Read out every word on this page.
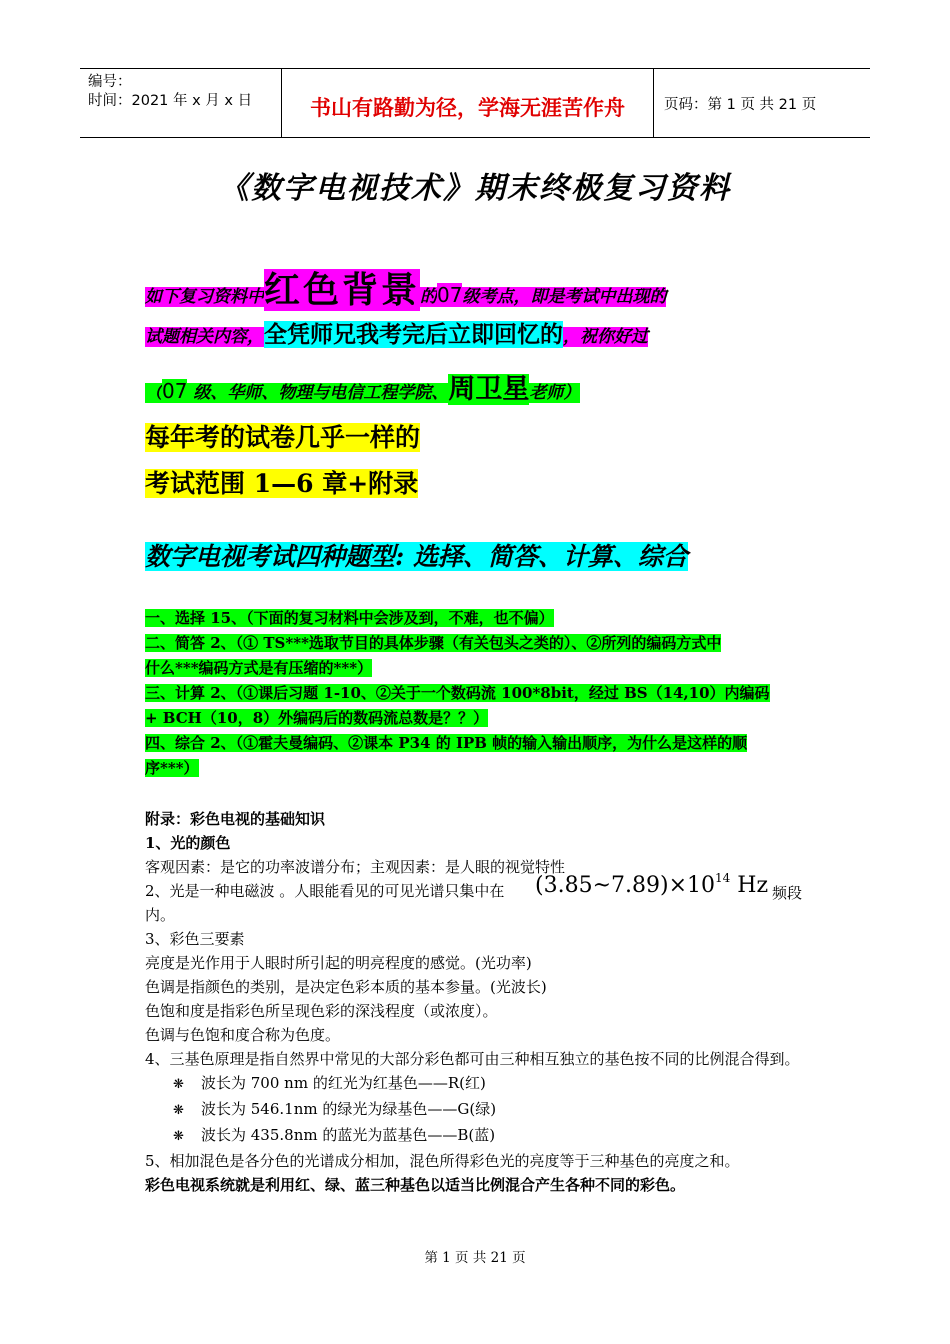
编号：
时间：2021 年 x 月 x 日	书山有路勤为径，学海无涯苦作舟	页码：第 1 页 共 21 页
《数字电视技术》期末终极复习资料
如下复习资料中红色背景的07级考点，即是考试中出现的
试题相关内容，全凭师兄我考完后立即回忆的，祝你好过
（07 级、华师、物理与电信工程学院、周卫星老师）
每年考的试卷几乎一样的
考试范围 1—6 章+附录
数字电视考试四种题型: 选择、简答、计算、综合
一、选择 15、（下面的复习材料中会涉及到，不难，也不偏）
二、简答 2、（① TS***选取节目的具体步骤（有关包头之类的）、②所列的编码方式中
什么***编码方式是有压缩的***）
三、计算 2、（①课后习题 1-10、②关于一个数码流 100*8bit，经过 BS（14,10）内编码
+ BCH（10，8）外编码后的数码流总数是？？）
四、综合 2、（①霍夫曼编码、②课本 P34 的 IPB 帧的输入输出顺序，为什么是这样的顺
序***）
附录：彩色电视的基础知识
1、光的颜色
客观因素：是它的功率波谱分布；主观因素：是人眼的视觉特性
2、光是一种电磁波 。人眼能看见的可见光谱只集中在
内。
3、彩色三要素
亮度是光作用于人眼时所引起的明亮程度的感觉。(光功率)
色调是指颜色的类别，是决定色彩本质的基本参量。(光波长)
色饱和度是指彩色所呈现色彩的深浅程度（或浓度）。
色调与色饱和度合称为色度。
4、三基色原理是指自然界中常见的大部分彩色都可由三种相互独立的基色按不同的比例混合得到。
❋ 波长为 700 nm 的红光为红基色——R(红)
❋ 波长为 546.1nm 的绿光为绿基色——G(绿)
❋ 波长为 435.8nm 的蓝光为蓝基色——B(蓝)
5、相加混色是各分色的光谱成分相加，混色所得彩色光的亮度等于三种基色的亮度之和。
彩色电视系统就是利用红、绿、蓝三种基色以适当比例混合产生各种不同的彩色。
$(3.85\sim 7.89)\times 10^{14}$ Hz 频段
第 1 页 共 21 页
